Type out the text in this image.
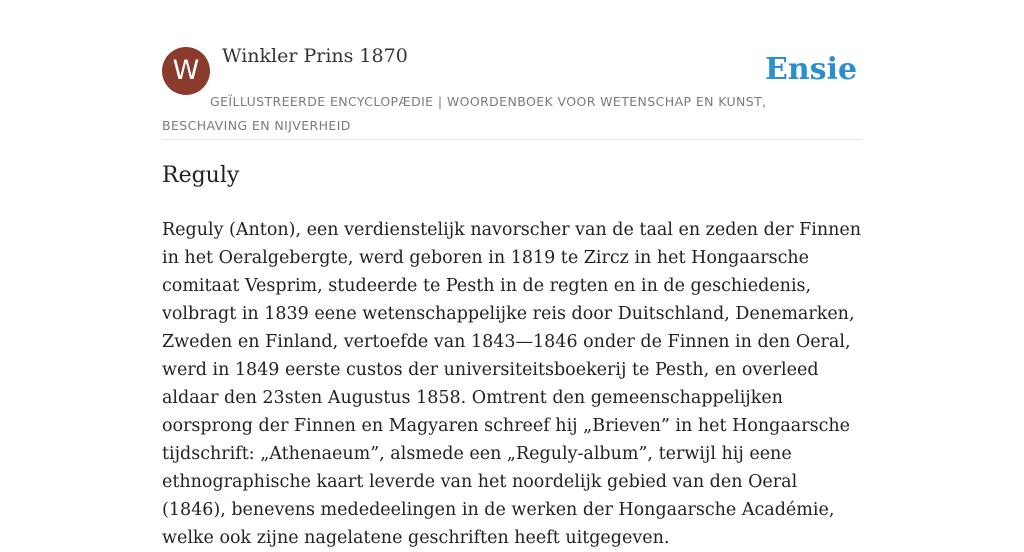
W	Winkler Prins 1870	Ensie
GEÏLLUSTREERDE ENCYCLOPÆDIE | WOORDENBOEK VOOR WETENSCHAP EN KUNST, BESCHAVING EN NIJVERHEID
Reguly

Reguly (Anton), een verdienstelijk navorscher van de taal en zeden der Finnen in het Oeralgebergte, werd geboren in 1819 te Zircz in het Hongaarsche comitaat Vesprim, studeerde te Pesth in de regten en in de geschiedenis, volbragt in 1839 eene wetenschappelijke reis door Duitschland, Denemarken, Zweden en Finland, vertoefde van 1843—1846 onder de Finnen in den Oeral, werd in 1849 eerste custos der universiteitsboekerij te Pesth, en overleed aldaar den 23sten Augustus 1858. Omtrent den gemeenschappelijken oorsprong der Finnen en Magyaren schreef hij „Brieven” in het Hongaarsche tijdschrift: „Athenaeum”, alsmede een „Reguly-album”, terwijl hij eene ethnographische kaart leverde van het noordelijk gebied van den Oeral (1846), benevens mededeelingen in de werken der Hongaarsche Académie, welke ook zijne nagelatene geschriften heeft uitgegeven.
